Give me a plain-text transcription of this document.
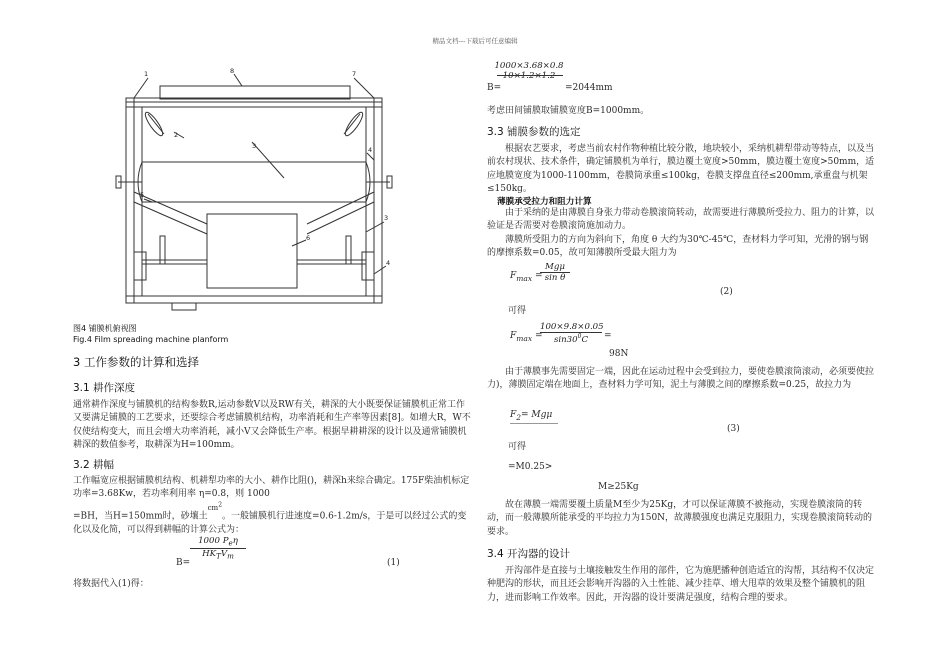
精品文档---下载后可任意编辑
1	8	7
2
3	4
5
6
3
4
图4 铺膜机俯视图
Fig.4 Film spreading machine planform
3 工作参数的计算和选择
3.1 耕作深度
通常耕作深度与铺膜机的结构参数R,运动参数V以及RW有关，耕深的大小既要保证铺膜机正常工作又要满足铺膜的工艺要求，还要综合考虑铺膜机结构，功率消耗和生产率等因素[8]。如增大R，W不仅使结构变大，而且会增大功率消耗，减小V又会降低生产率。根据旱耕耕深的设计以及通常铺膜机耕深的数值参考，取耕深为H=100mm。
3.2 耕幅
工作幅宽应根据铺膜机结构、机耕犁功率的大小、耕作比阻()，耕深h来综合确定。175F柴油机标定功率=3.68Kw，若功率利用率 η=0.8，则 1000
=BH，当H=150mm时，砂壤土$^{cm^2}$。一般铺膜机行进速度=0.6-1.2m/s，于是可以经过公式的变化以及化简，可以得到耕幅的计算公式为：
1000 $P_e\eta$
$HK_TV_m$
B=	(1)
将数据代入(1)得：
1000×3.68×0.8
10×1.2×1.2
B=	=2044mm
考虑田间铺膜取铺膜宽度B=1000mm。
3.3 铺膜参数的选定
根据农艺要求，考虑当前农村作物种植比较分散，地块较小，采纳机耕犁带动等特点，以及当前农村现状、技术条件，确定铺膜机为单行，膜边覆土宽度>50mm，膜边覆土宽度>50mm，适应地膜宽度为1000-1100mm，卷膜筒承重≤100kg，卷膜支撑盘直径≤200mm,承重盘与机架≤150kg。
薄膜承受拉力和阻力计算
由于采纳的是由薄膜自身张力带动卷膜滚筒转动，故需要进行薄膜所受拉力、阻力的计算，以验证是否需要对卷膜滚筒施加动力。
薄膜所受阻力的方向为斜向下，角度 θ 大约为30℃-45℃，查材料力学可知，光滑的钢与钢的摩擦系数=0.05，故可知薄膜所受最大阻力为
$F_{max}$ =
Mgμ
sin θ
(2)
可得
$F_{max}$ =
$\frac{100\times 9.8\times 0.05}{\sin 30^0C}$ =
98N
由于薄膜事先需要固定一端，因此在运动过程中会受到拉力，要使卷膜滚筒滚动，必须要使拉力)，薄膜固定端在地面上，查材料力学可知，泥土与薄膜之间的摩擦系数=0.25，故拉力为
$F_2= Mg\mu$
(3)
可得
=M0.25>
M≥25Kg
故在薄膜一端需要覆土质量M至少为25Kg，才可以保证薄膜不被拖动，实现卷膜滚筒的转动，而一般薄膜所能承受的平均拉力为150N，故薄膜强度也满足克服阻力，实现卷膜滚筒转动的要求。
3.4 开沟器的设计
开沟部件是直接与土壤接触发生作用的部件，它为施肥播种创造适宜的沟帮，其结构不仅决定种肥沟的形状，而且还会影响开沟器的入土性能、减少挂草、增大甩草的效果及整个铺膜机的阻力，进而影响工作效率。因此，开沟器的设计要满足强度，结构合理的要求。
